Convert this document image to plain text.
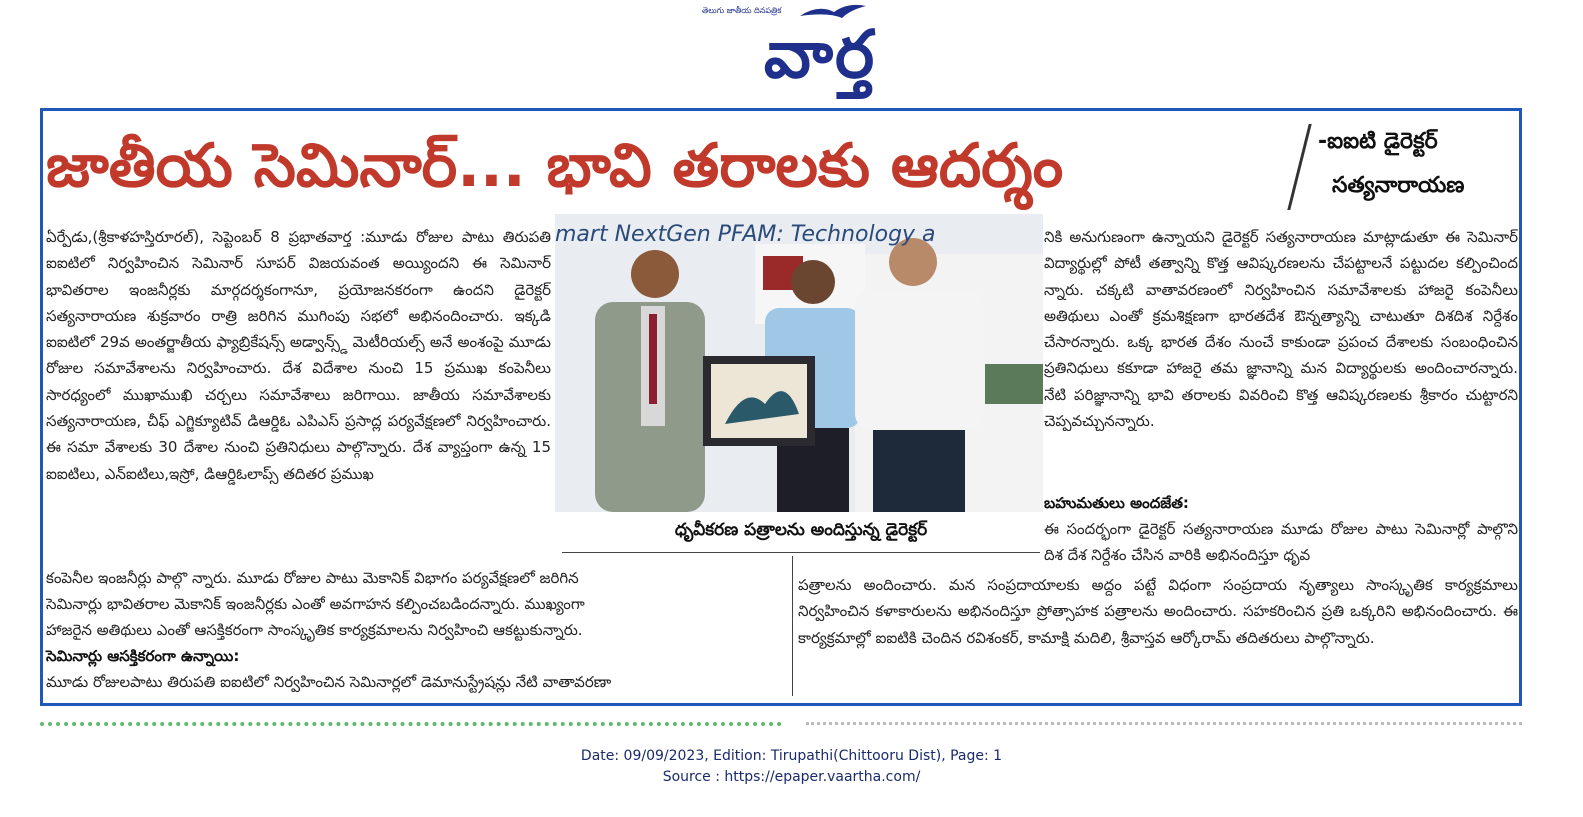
తెలుగు జాతీయ దినపత్రిక
వార్త
జాతీయ సెమినార్... భావి తరాలకు ఆదర్శం	-ఐఐటి డైరెక్టర్
సత్యనారాయణ
ఏర్పేడు,(శ్రీకాళహస్తిరూరల్), సెప్టెంబర్ 8 ప్రభాతవార్త :మూడు రోజుల పాటు తిరుపతి ఐఐటిలో నిర్వహించిన సెమినార్ సూపర్ విజయవంత అయ్యిందని ఈ సెమినార్ భావితరాల ఇంజనీర్లకు మార్గదర్శకంగానూ, ప్రయోజనకరంగా ఉందని డైరెక్టర్ సత్యనారాయణ శుక్రవారం రాత్రి జరిగిన ముగింపు సభలో అభినందించారు. ఇక్కడి ఐఐటిలో 29వ అంతర్జాతీయ ఫ్యాబ్రికేషన్స్ అడ్వాన్స్డ్ మెటీరియల్స్ అనే అంశంపై మూడు రోజుల సమావేశాలను నిర్వహించారు. దేశ విదేశాల నుంచి 15 ప్రముఖ కంపెనీలు సారధ్యంలో ముఖాముఖి చర్చలు సమావేశాలు జరిగాయి. జాతీయ సమావేశాలకు సత్యనారాయణ, చీఫ్ ఎగ్జిక్యూటివ్ డిఆర్డిఓ ఎపిఎస్ ప్రసాద్ల పర్యవేక్షణలో నిర్వహించారు. ఈ సమా వేశాలకు 30 దేశాల నుంచి ప్రతినిధులు పాల్గొన్నారు. దేశ వ్యాప్తంగా ఉన్న 15 ఐఐటిలు, ఎన్ఐటిలు,ఇస్రో, డిఆర్డిఓలాప్స్ తదితర ప్రముఖ
mart NextGen PFAM: Technology a
ధృవీకరణ పత్రాలను అందిస్తున్న డైరెక్టర్
నికి అనుగుణంగా ఉన్నాయని డైరెక్టర్ సత్యనారాయణ మాట్లాడుతూ ఈ సెమినార్ విద్యార్థుల్లో పోటీ తత్వాన్ని కొత్త ఆవిష్కరణలను చేపట్టాలనే పట్టుదల కల్పించింద న్నారు. చక్కటి వాతావరణంలో నిర్వహించిన సమావేశాలకు హాజరై కంపెనీలు అతిథులు ఎంతో క్రమశిక్షణగా భారతదేశ ఔన్నత్యాన్ని చాటుతూ దిశదిశ నిర్దేశం చేసారన్నారు. ఒక్క భారత దేశం నుంచే కాకుండా ప్రపంచ దేశాలకు సంబంధించిన ప్రతినిధులు కకూడా హాజరై తమ జ్ఞానాన్ని మన విద్యార్థులకు అందించారన్నారు. నేటి పరిజ్ఞానాన్ని భావి తరాలకు వివరించి కొత్త ఆవిష్కరణలకు శ్రీకారం చుట్టారని చెప్పవచ్చునన్నారు.
కంపెనీల ఇంజనీర్లు పాల్గొ న్నారు. మూడు రోజుల పాటు మెకానిక్ విభాగం పర్యవేక్షణలో జరిగిన
సెమినార్లు భావితరాల మెకానిక్ ఇంజనీర్లకు ఎంతో అవగాహన కల్పించబడిందన్నారు. ముఖ్యంగా
హాజరైన అతిథులు ఎంతో ఆసక్తికరంగా సాంస్కృతిక కార్యక్రమాలను నిర్వహించి ఆకట్టుకున్నారు.
సెమినార్లు ఆసక్తికరంగా ఉన్నాయి:
మూడు రోజులపాటు తిరుపతి ఐఐటిలో నిర్వహించిన సెమినార్లలో డెమానుస్ట్రేషన్లు నేటి వాతావరణా
బహుమతులు అందజేత:
ఈ సందర్భంగా డైరెక్టర్ సత్యనారాయణ మూడు రోజుల పాటు సెమినార్లో పాల్గొని దిశ దేశ నిర్దేశం చేసిన వారికి అభినందిస్తూ ధృవ
పత్రాలను అందించారు. మన సంప్రదాయాలకు అద్దం పట్టే విధంగా సంప్రదాయ నృత్యాలు సాంస్కృతిక కార్యక్రమాలు నిర్వహించిన కళాకారులను అభినందిస్తూ ప్రోత్సాహక పత్రాలను అందించారు. సహకరించిన ప్రతి ఒక్కరిని అభినందించారు. ఈ కార్యక్రమాల్లో ఐఐటికి చెందిన రవిశంకర్, కామాక్షి మదిలి, శ్రీవాస్తవ ఆర్కోరామ్ తదితరులు పాల్గొన్నారు.
Date: 09/09/2023, Edition: Tirupathi(Chittooru Dist), Page: 1
Source : https://epaper.vaartha.com/
